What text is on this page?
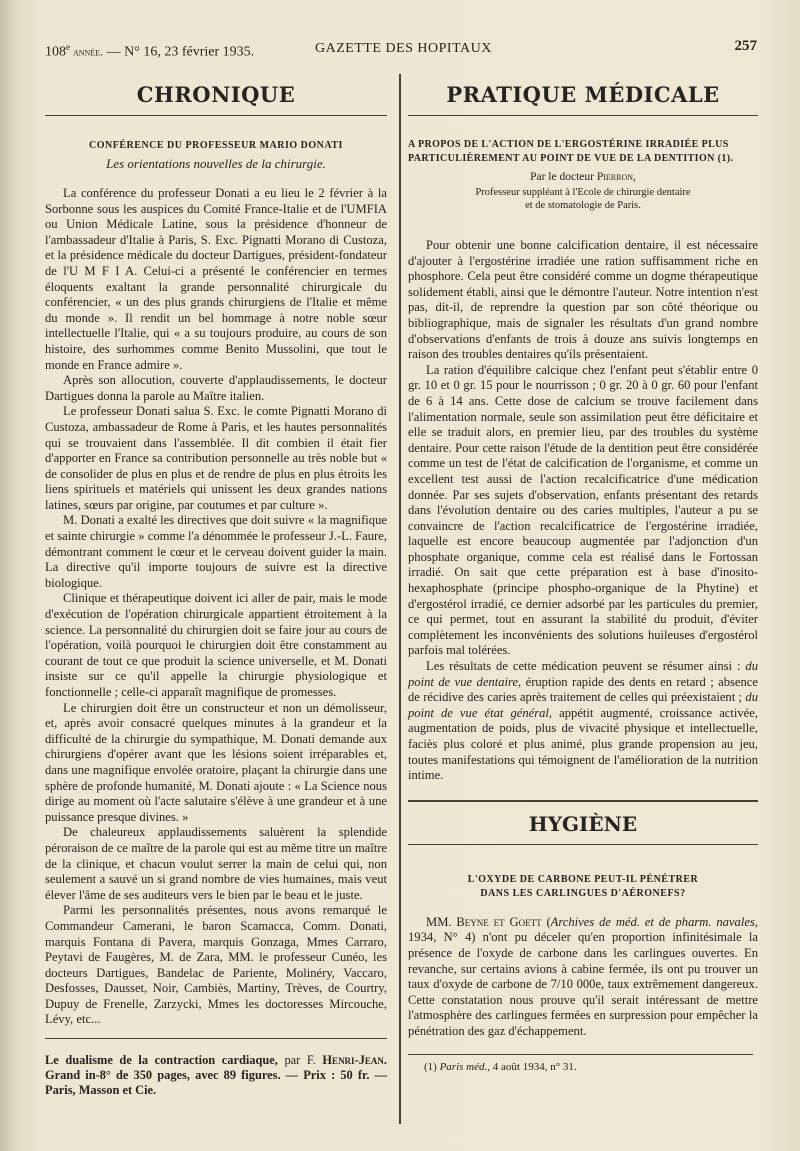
108e année. — N° 16, 23 février 1935.	GAZETTE DES HOPITAUX	257
CHRONIQUE
CONFÉRENCE DU PROFESSEUR MARIO DONATI
Les orientations nouvelles de la chirurgie.

La conférence du professeur Donati a eu lieu le 2 février à la Sorbonne sous les auspices du Comité France-Italie et de l'UMFIA ou Union Médicale Latine, sous la présidence d'honneur de l'ambassadeur d'Italie à Paris, S. Exc. Pignatti Morano di Custoza, et la présidence médicale du docteur Dartigues, président-fondateur de l'U M F I A. Celui-ci a présenté le conférencier en termes éloquents exaltant la grande personnalité chirurgicale du conférencier, « un des plus grands chirurgiens de l'Italie et même du monde ». Il rendit un bel hommage à notre noble sœur intellectuelle l'Italie, qui « a su toujours produire, au cours de son histoire, des surhommes comme Benito Mussolini, que tout le monde en France admire ».

Après son allocution, couverte d'applaudissements, le docteur Dartigues donna la parole au Maître italien.

Le professeur Donati salua S. Exc. le comte Pignatti Morano di Custoza, ambassadeur de Rome à Paris, et les hautes personnalités qui se trouvaient dans l'assemblée. Il dit combien il était fier d'apporter en France sa contribution personnelle au très noble but « de consolider de plus en plus et de rendre de plus en plus étroits les liens spirituels et matériels qui unissent les deux grandes nations latines, sœurs par origine, par coutumes et par culture ».

M. Donati a exalté les directives que doit suivre « la magnifique et sainte chirurgie » comme l'a dénommée le professeur J.-L. Faure, démontrant comment le cœur et le cerveau doivent guider la main. La directive qu'il importe toujours de suivre est la directive biologique.

Clinique et thérapeutique doivent ici aller de pair, mais le mode d'exécution de l'opération chirurgicale appartient étroitement à la science. La personnalité du chirurgien doit se faire jour au cours de l'opération, voilà pourquoi le chirurgien doit être constamment au courant de tout ce que produit la science universelle, et M. Donati insiste sur ce qu'il appelle la chirurgie physiologique et fonctionnelle ; celle-ci apparaît magnifique de promesses.

Le chirurgien doit être un constructeur et non un démolisseur, et, après avoir consacré quelques minutes à la grandeur et la difficulté de la chirurgie du sympathique, M. Donati demande aux chirurgiens d'opérer avant que les lésions soient irréparables et, dans une magnifique envolée oratoire, plaçant la chirurgie dans une sphère de profonde humanité, M. Donati ajoute : « La Science nous dirige au moment où l'acte salutaire s'élève à une grandeur et à une puissance presque divines. »

De chaleureux applaudissements saluèrent la splendide péroraison de ce maître de la parole qui est au même titre un maître de la clinique, et chacun voulut serrer la main de celui qui, non seulement a sauvé un si grand nombre de vies humaines, mais veut élever l'âme de ses auditeurs vers le bien par le beau et le juste.

Parmi les personnalités présentes, nous avons remarqué le Commandeur Camerani, le baron Scamacca, Comm. Donati, marquis Fontana di Pavera, marquis Gonzaga, Mmes Carraro, Peytavi de Faugères, M. de Zara, MM. le professeur Cunéo, les docteurs Dartigues, Bandelac de Pariente, Molinéry, Vaccaro, Desfosses, Dausset, Noir, Cambiès, Martiny, Trèves, de Courtry, Dupuy de Frenelle, Zarzycki, Mmes les doctoresses Mircouche, Lévy, etc...

Le dualisme de la contraction cardiaque, par F. Henri-Jean. Grand in-8° de 350 pages, avec 89 figures. — Prix : 50 fr. — Paris, Masson et Cie.
PRATIQUE MÉDICALE
A PROPOS DE L'ACTION DE L'ERGOSTÉRINE IRRADIÉE PLUS PARTICULIÈREMENT AU POINT DE VUE DE LA DENTITION (1).
Par le docteur Pierron,
Professeur suppléant à l'Ecole de chirurgie dentaire
et de stomatologie de Paris.

Pour obtenir une bonne calcification dentaire, il est nécessaire d'ajouter à l'ergostérine irradiée une ration suffisamment riche en phosphore. Cela peut être considéré comme un dogme thérapeutique solidement établi, ainsi que le démontre l'auteur. Notre intention n'est pas, dit-il, de reprendre la question par son côté théorique ou bibliographique, mais de signaler les résultats d'un grand nombre d'observations d'enfants de trois à douze ans suivis longtemps en raison des troubles dentaires qu'ils présentaient.

La ration d'équilibre calcique chez l'enfant peut s'établir entre 0 gr. 10 et 0 gr. 15 pour le nourrisson ; 0 gr. 20 à 0 gr. 60 pour l'enfant de 6 à 14 ans. Cette dose de calcium se trouve facilement dans l'alimentation normale, seule son assimilation peut être déficitaire et elle se traduit alors, en premier lieu, par des troubles du système dentaire. Pour cette raison l'étude de la dentition peut être considérée comme un test de l'état de calcification de l'organisme, et comme un excellent test aussi de l'action recalcificatrice d'une médication donnée. Par ses sujets d'observation, enfants présentant des retards dans l'évolution dentaire ou des caries multiples, l'auteur a pu se convaincre de l'action recalcificatrice de l'ergostérine irradiée, laquelle est encore beaucoup augmentée par l'adjonction d'un phosphate organique, comme cela est réalisé dans le Fortossan irradié. On sait que cette préparation est à base d'inosito-hexaphosphate (principe phospho-organique de la Phytine) et d'ergostérol irradié, ce dernier adsorbé par les particules du premier, ce qui permet, tout en assurant la stabilité du produit, d'éviter complètement les inconvénients des solutions huileuses d'ergostérol parfois mal tolérées.

Les résultats de cette médication peuvent se résumer ainsi : du point de vue dentaire, éruption rapide des dents en retard ; absence de récidive des caries après traitement de celles qui préexistaient ; du point de vue état général, appétit augmenté, croissance activée, augmentation de poids, plus de vivacité physique et intellectuelle, faciès plus coloré et plus animé, plus grande propension au jeu, toutes manifestations qui témoignent de l'amélioration de la nutrition intime.

HYGIÈNE
L'OXYDE DE CARBONE PEUT-IL PÉNÉTRER
DANS LES CARLINGUES D'AÉRONEFS?

MM. Beyne et Goett (Archives de méd. et de pharm. navales, 1934, N° 4) n'ont pu déceler qu'en proportion infinitésimale la présence de l'oxyde de carbone dans les carlingues ouvertes. En revanche, sur certains avions à cabine fermée, ils ont pu trouver un taux d'oxyde de carbone de 7/10 000e, taux extrêmement dangereux. Cette constatation nous prouve qu'il serait intéressant de mettre l'atmosphère des carlingues fermées en surpression pour empêcher la pénétration des gaz d'échappement.

(1) Paris méd., 4 août 1934, n° 31.
